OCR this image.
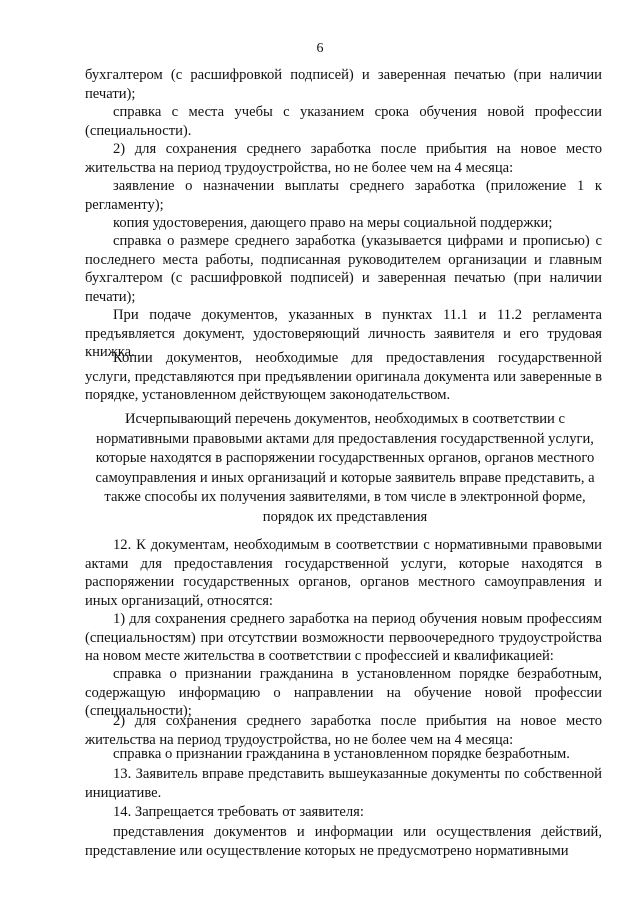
6

бухгалтером (с расшифровкой подписей) и заверенная печатью (при наличии печати);

справка с места учебы с указанием срока обучения новой профессии (специальности).

2) для сохранения среднего заработка после прибытия на новое место жительства на период трудоустройства, но не более чем на 4 месяца:

заявление о назначении выплаты среднего заработка (приложение 1 к регламенту);

копия удостоверения, дающего право на меры социальной поддержки;

справка о размере среднего заработка (указывается цифрами и прописью) с последнего места работы, подписанная руководителем организации и главным бухгалтером (с расшифровкой подписей) и заверенная печатью (при наличии печати);

При подаче документов, указанных в пунктах 11.1 и 11.2 регламента предъявляется документ, удостоверяющий личность заявителя и его трудовая книжка.

Копии документов, необходимые для предоставления государственной услуги, представляются при предъявлении оригинала документа или заверенные в порядке, установленном действующем законодательством.

Исчерпывающий перечень документов, необходимых в соответствии с
нормативными правовыми актами для предоставления государственной услуги,
которые находятся в распоряжении государственных органов, органов местного
самоуправления и иных организаций и которые заявитель вправе представить, а
также способы их получения заявителями, в том числе в электронной форме,
порядок их представления

12. К документам, необходимым в соответствии с нормативными правовыми актами для предоставления государственной услуги, которые находятся в распоряжении государственных органов, органов местного самоуправления и иных организаций, относятся:

1) для сохранения среднего заработка на период обучения новым профессиям (специальностям) при отсутствии возможности первоочередного трудоустройства на новом месте жительства в соответствии с профессией и квалификацией:

справка о признании гражданина в установленном порядке безработным, содержащую информацию о направлении на обучение новой профессии (специальности);

2) для сохранения среднего заработка после прибытия на новое место жительства на период трудоустройства, но не более чем на 4 месяца:

справка о признании гражданина в установленном порядке безработным.

13. Заявитель вправе представить вышеуказанные документы по собственной инициативе.

14. Запрещается требовать от заявителя:

представления документов и информации или осуществления действий, представление или осуществление которых не предусмотрено нормативными
